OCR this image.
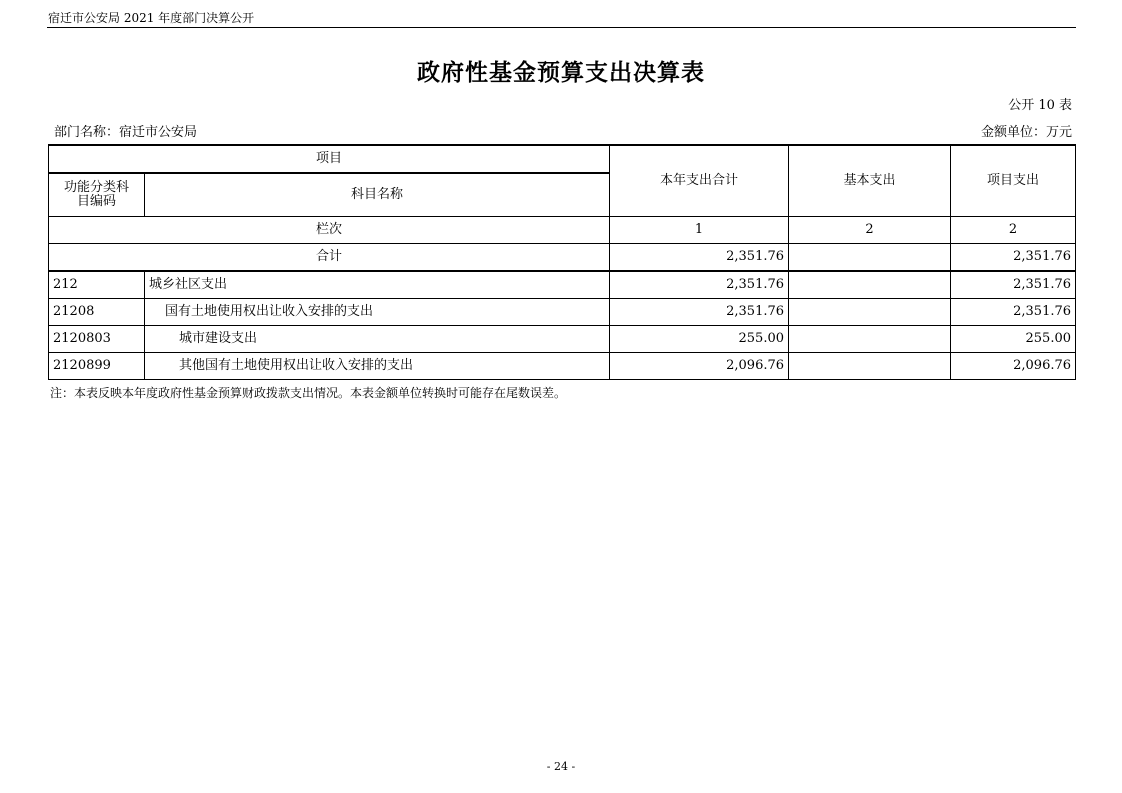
宿迁市公安局 2021 年度部门决算公开
政府性基金预算支出决算表
公开 10 表
部门名称：宿迁市公安局	金额单位：万元
项目		本年支出合计	基本支出	项目支出
功能分类科目编码	科目名称			
栏次		1	2	2
合计		2,351.76		2,351.76
212	城乡社区支出	2,351.76		2,351.76
21208	国有土地使用权出让收入安排的支出	2,351.76		2,351.76
2120803	城市建设支出	255.00		255.00
2120899	其他国有土地使用权出让收入安排的支出	2,096.76		2,096.76
注：本表反映本年度政府性基金预算财政拨款支出情况。本表金额单位转换时可能存在尾数误差。
- 24 -
